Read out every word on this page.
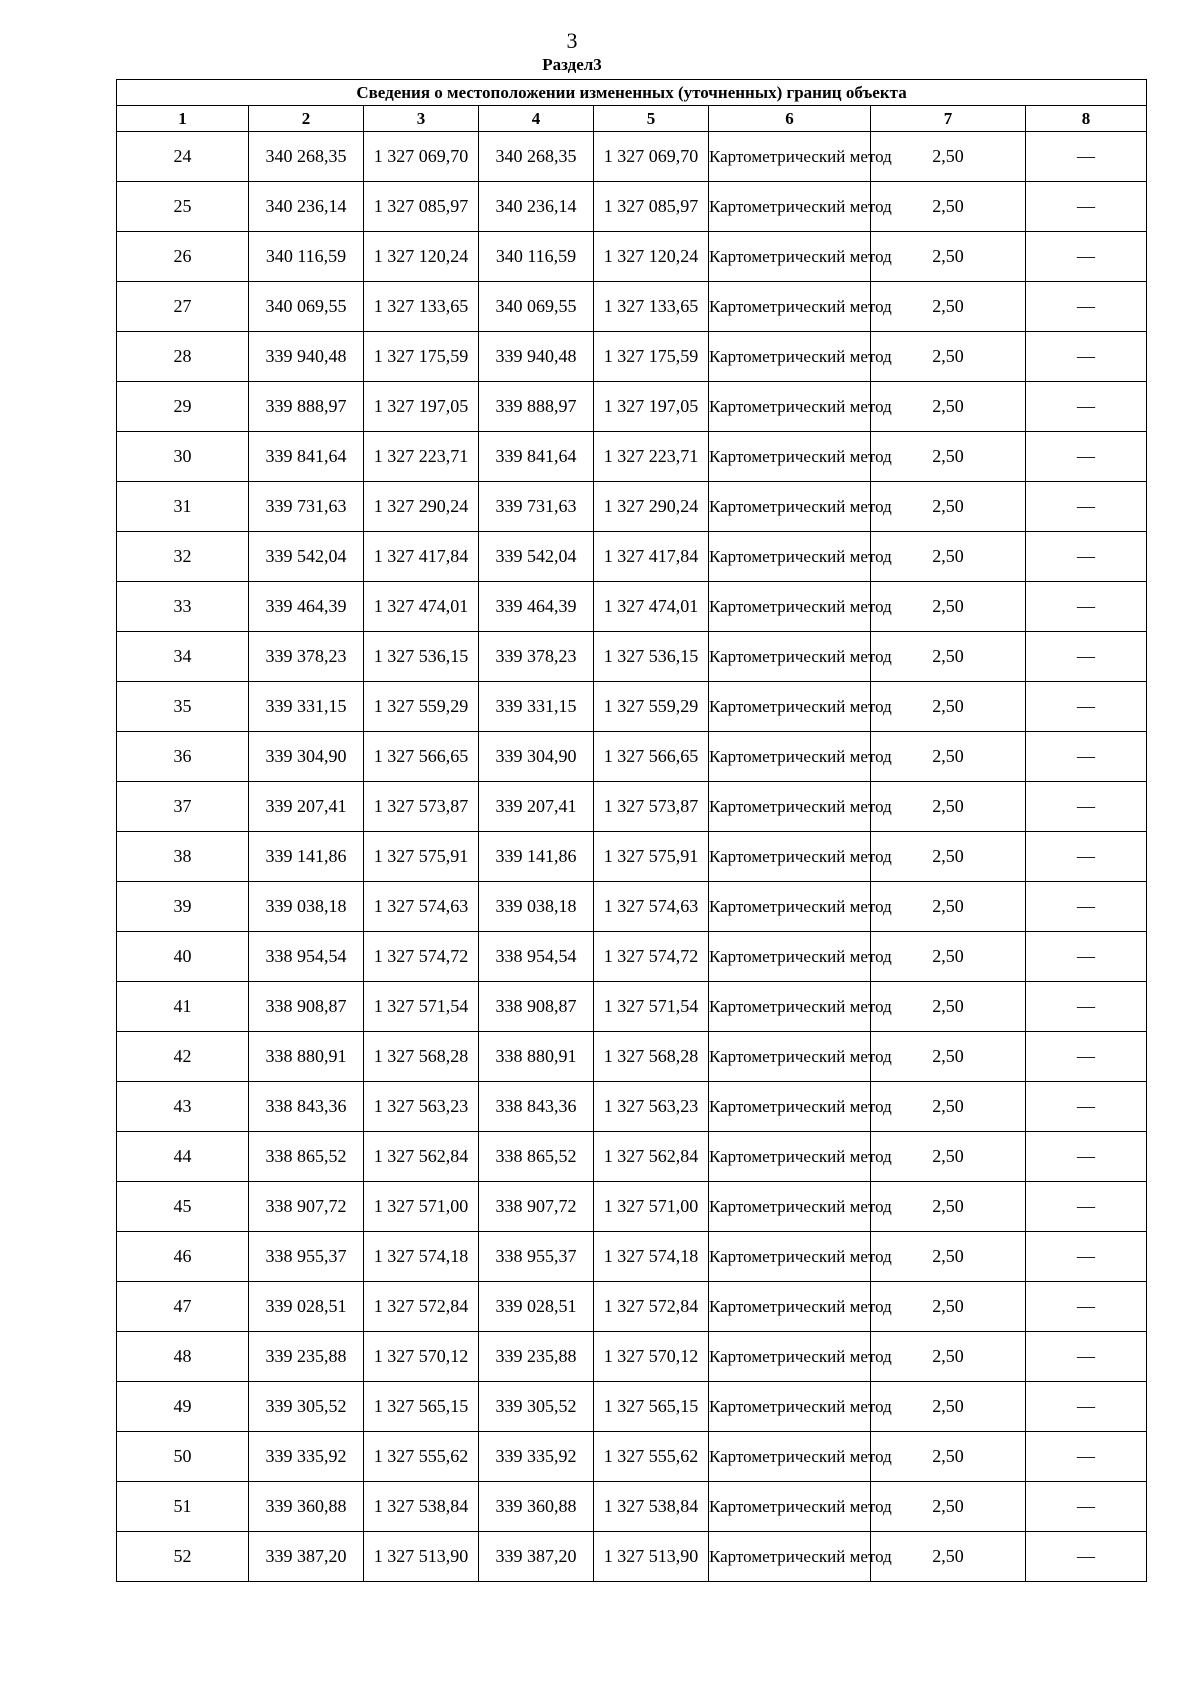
3
Раздел3
Сведения о местоположении измененных (уточненных) границ объекта							
1	2	3	4	5	6	7	8
24	340 268,35	1 327 069,70	340 268,35	1 327 069,70	Картометрический метод	2,50	—
25	340 236,14	1 327 085,97	340 236,14	1 327 085,97	Картометрический метод	2,50	—
26	340 116,59	1 327 120,24	340 116,59	1 327 120,24	Картометрический метод	2,50	—
27	340 069,55	1 327 133,65	340 069,55	1 327 133,65	Картометрический метод	2,50	—
28	339 940,48	1 327 175,59	339 940,48	1 327 175,59	Картометрический метод	2,50	—
29	339 888,97	1 327 197,05	339 888,97	1 327 197,05	Картометрический метод	2,50	—
30	339 841,64	1 327 223,71	339 841,64	1 327 223,71	Картометрический метод	2,50	—
31	339 731,63	1 327 290,24	339 731,63	1 327 290,24	Картометрический метод	2,50	—
32	339 542,04	1 327 417,84	339 542,04	1 327 417,84	Картометрический метод	2,50	—
33	339 464,39	1 327 474,01	339 464,39	1 327 474,01	Картометрический метод	2,50	—
34	339 378,23	1 327 536,15	339 378,23	1 327 536,15	Картометрический метод	2,50	—
35	339 331,15	1 327 559,29	339 331,15	1 327 559,29	Картометрический метод	2,50	—
36	339 304,90	1 327 566,65	339 304,90	1 327 566,65	Картометрический метод	2,50	—
37	339 207,41	1 327 573,87	339 207,41	1 327 573,87	Картометрический метод	2,50	—
38	339 141,86	1 327 575,91	339 141,86	1 327 575,91	Картометрический метод	2,50	—
39	339 038,18	1 327 574,63	339 038,18	1 327 574,63	Картометрический метод	2,50	—
40	338 954,54	1 327 574,72	338 954,54	1 327 574,72	Картометрический метод	2,50	—
41	338 908,87	1 327 571,54	338 908,87	1 327 571,54	Картометрический метод	2,50	—
42	338 880,91	1 327 568,28	338 880,91	1 327 568,28	Картометрический метод	2,50	—
43	338 843,36	1 327 563,23	338 843,36	1 327 563,23	Картометрический метод	2,50	—
44	338 865,52	1 327 562,84	338 865,52	1 327 562,84	Картометрический метод	2,50	—
45	338 907,72	1 327 571,00	338 907,72	1 327 571,00	Картометрический метод	2,50	—
46	338 955,37	1 327 574,18	338 955,37	1 327 574,18	Картометрический метод	2,50	—
47	339 028,51	1 327 572,84	339 028,51	1 327 572,84	Картометрический метод	2,50	—
48	339 235,88	1 327 570,12	339 235,88	1 327 570,12	Картометрический метод	2,50	—
49	339 305,52	1 327 565,15	339 305,52	1 327 565,15	Картометрический метод	2,50	—
50	339 335,92	1 327 555,62	339 335,92	1 327 555,62	Картометрический метод	2,50	—
51	339 360,88	1 327 538,84	339 360,88	1 327 538,84	Картометрический метод	2,50	—
52	339 387,20	1 327 513,90	339 387,20	1 327 513,90	Картометрический метод	2,50	—
